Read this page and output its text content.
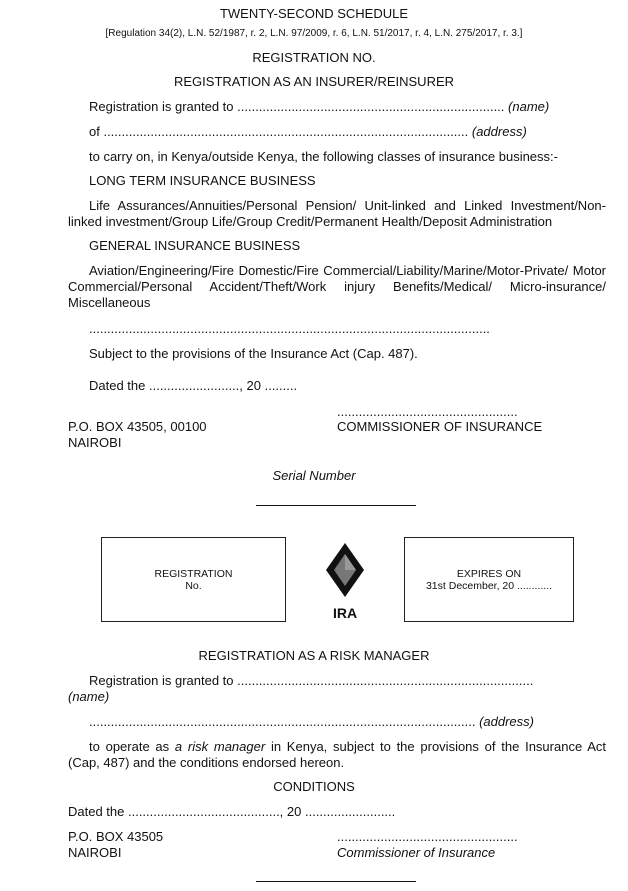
TWENTY-SECOND SCHEDULE
[Regulation 34(2), L.N. 52/1987, r. 2, L.N. 97/2009, r. 6, L.N. 51/2017, r. 4, L.N. 275/2017, r. 3.]
REGISTRATION NO.
REGISTRATION AS AN INSURER/REINSURER
Registration is granted to .......................................................................... (name)
of ..................................................................................................... (address)
to carry on, in Kenya/outside Kenya, the following classes of insurance business:-
LONG TERM INSURANCE BUSINESS
Life Assurances/Annuities/Personal Pension/ Unit-linked and Linked Investment/Non-linked investment/Group Life/Group Credit/Permanent Health/Deposit Administration
GENERAL INSURANCE BUSINESS
Aviation/Engineering/Fire Domestic/Fire Commercial/Liability/Marine/Motor-Private/ Motor Commercial/Personal Accident/Theft/Work injury Benefits/Medical/ Micro-insurance/ Miscellaneous
...............................................................................................................
Subject to the provisions of the Insurance Act (Cap. 487).
Dated the ........................., 20 .........
..................................................
P.O. BOX 43505, 00100
NAIROBI
COMMISSIONER OF INSURANCE
Serial Number
REGISTRATION
No.
IRA
EXPIRES ON
31st December, 20 ............
REGISTRATION AS A RISK MANAGER
Registration is granted to ..................................................................................
(name)
........................................................................................................... (address)
to operate as a risk manager in Kenya, subject to the provisions of the Insurance Act (Cap, 487) and the conditions endorsed hereon.
CONDITIONS
Dated the .........................................., 20 .........................
P.O. BOX 43505
NAIROBI
..................................................
Commissioner of Insurance
